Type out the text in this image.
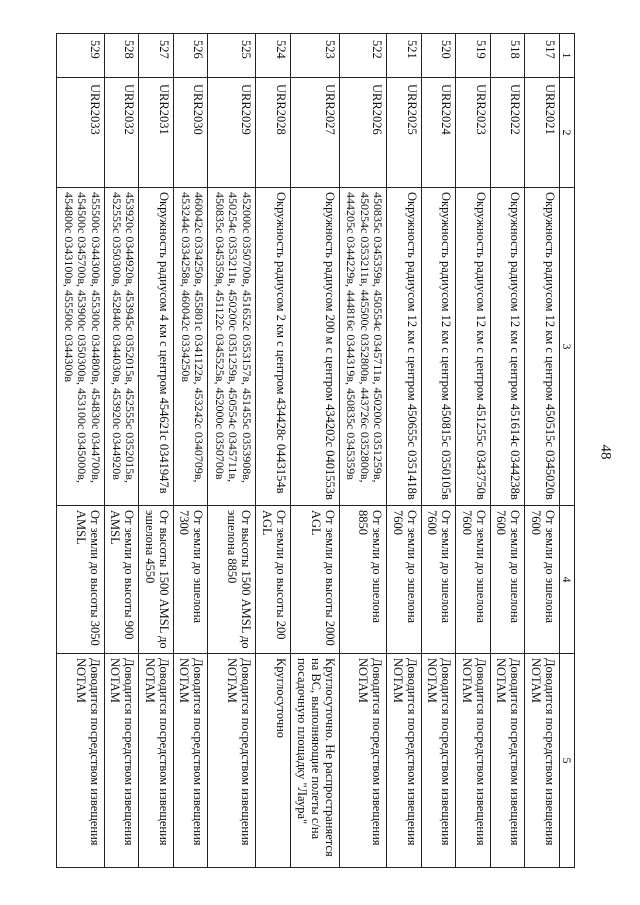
48
1	2	3	4	5
517	URR2021	Окружность радиусом 12 км с центром 450515с 0345020в	От земли до эшелона 7600	Доводится посредством извещения NOTAM
518	URR2022	Окружность радиусом 12 км с центром 451614с 0344238в	От земли до эшелона 7600	Доводится посредством извещения NOTAM
519	URR2023	Окружность радиусом 12 км с центром 451255с 0343750в	От земли до эшелона 7600	Доводится посредством извещения NOTAM
520	URR2024	Окружность радиусом 12 км с центром 450815с 0350105в	От земли до эшелона 7600	Доводится посредством извещения NOTAM
521	URR2025	Окружность радиусом 12 км с центром 450655с 0351418в	От земли до эшелона 7600	Доводится посредством извещения NOTAM
522	URR2026	450835с 0345359в, 450554с 0345711в, 450200с 0351259в, 450254с 0353211в, 445500с 0352800в, 443726с 0352800в, 444205с 0344229в, 444816с 0344319в, 450835с 0345359в	От земли до эшелона 8850	Доводится посредством извещения NOTAM
523	URR2027	Окружность радиусом 200 м с центром 434202с 0401553в	От земли до высоты 2000 AGL	Круглосуточно. Не распространяется на ВС, выполняющие полеты с/на посадочную площадку "Лаура"
524	URR2028	Окружность радиусом 2 км с центром 434428с 0443154в	От земли до высоты 200 AGL	Круглосуточно
525	URR2029	452000с 0350700в, 451652с 0353157в, 451455с 0353908в, 450254с 0353211в, 450200с 0351259в, 450554с 0345711в, 450835с 0345359в, 451122с 0345525в, 452000с 0350700в	От высоты 1500 AMSL до эшелона 8850	Доводится посредством извещения NOTAM
526	URR2030	460042с 0334250в, 455801с 0341122в, 453242с 0340709в, 453244с 0334258в, 460042с 0334250в	От земли до эшелона 7300	Доводится посредством извещения NOTAM
527	URR2031	Окружность радиусом 4 км с центром 454621с 0341947в	От высоты 1500 AMSL до эшелона 4550	Доводится посредством извещения NOTAM
528	URR2032	453920с 0344920в, 453945с 0352015в, 452555с 0352015в, 452555с 0350300в, 452840с 0344030в, 453920с 0344920в	От земли до высоты 900 AMSL	Доводится посредством извещения NOTAM
529	URR2033	455500с 0344300в, 455300с 0344800в, 454830с 0344700в, 454500с 0345700в, 453900с 0350300в, 453100с 0345000в, 454800с 0343100в, 455500с 0344300в	От земли до высоты 3050 AMSL	Доводится посредством извещения NOTAM
